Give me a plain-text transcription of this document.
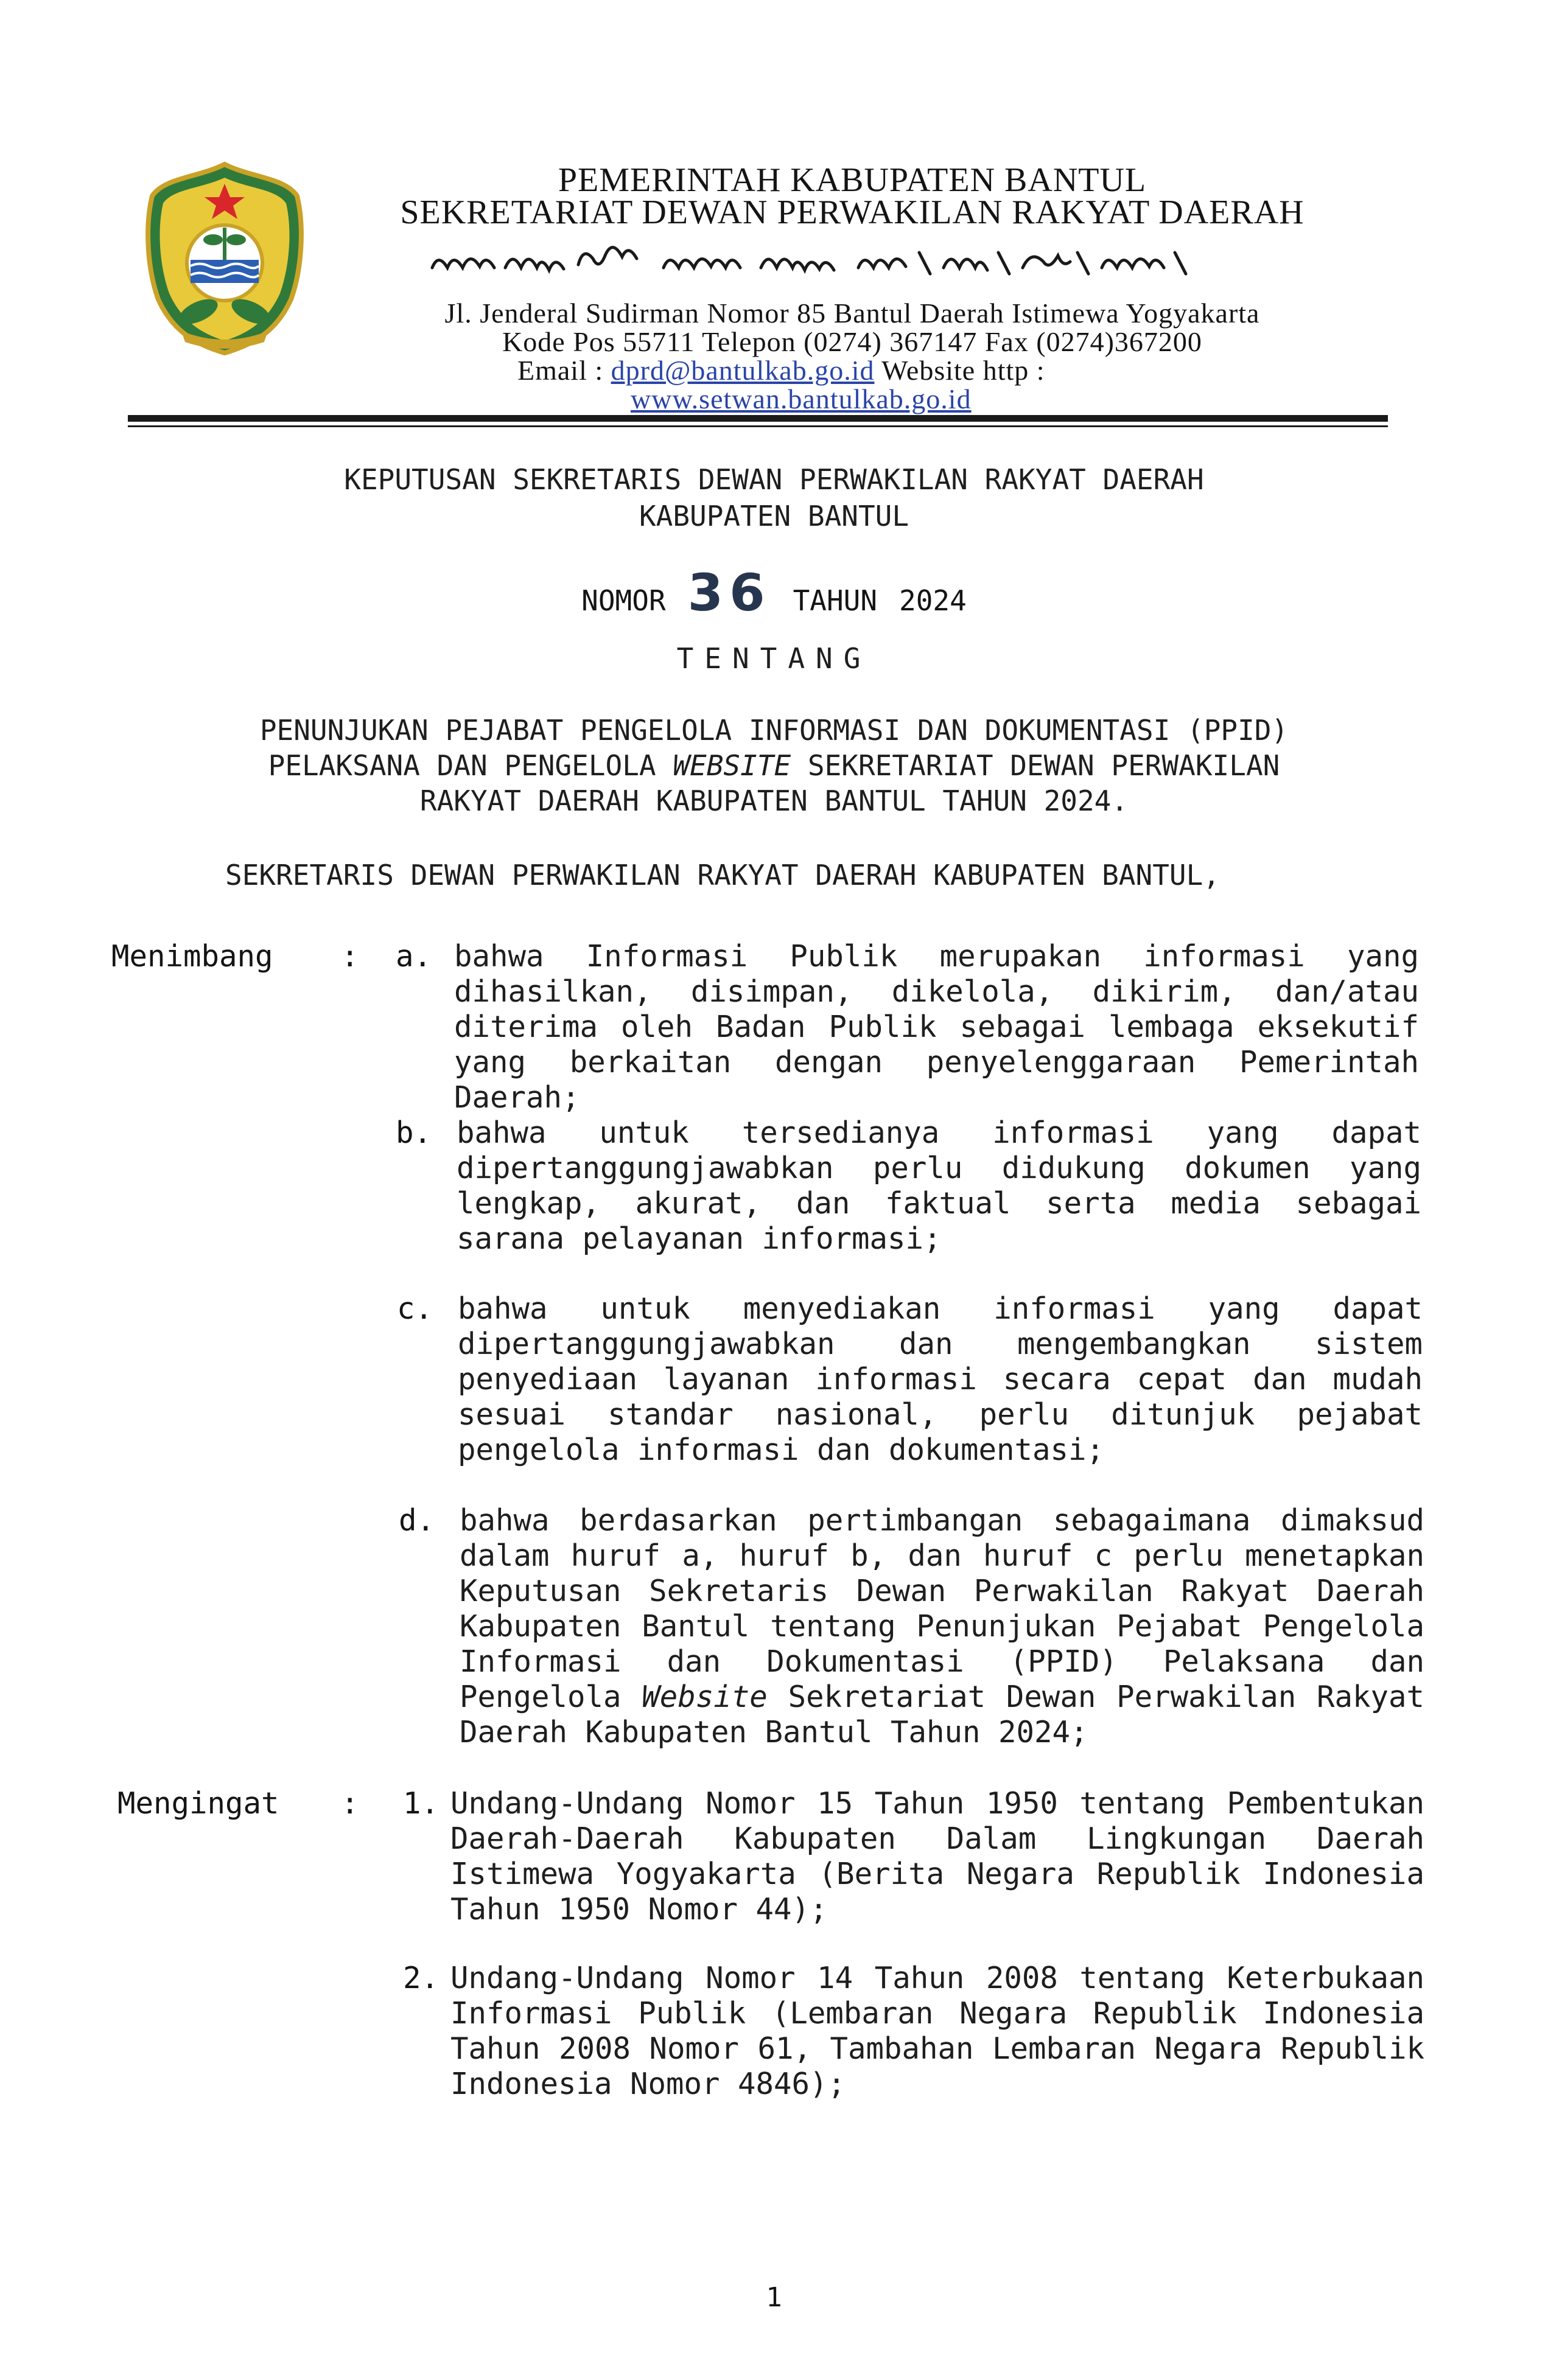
PEMERINTAH KABUPATEN BANTUL
SEKRETARIAT DEWAN PERWAKILAN RAKYAT DAERAH
Jl. Jenderal Sudirman Nomor 85 Bantul Daerah Istimewa Yogyakarta
Kode Pos 55711 Telepon (0274) 367147 Fax (0274)367200
Email : dprd@bantulkab.go.id Website http :
www.setwan.bantulkab.go.id
KEPUTUSAN SEKRETARIS DEWAN PERWAKILAN RAKYAT DAERAH
KABUPATEN BANTUL
NOMOR 36 TAHUN 2024
TENTANG
PENUNJUKAN PEJABAT PENGELOLA INFORMASI DAN DOKUMENTASI (PPID)
PELAKSANA DAN PENGELOLA WEBSITE SEKRETARIAT DEWAN PERWAKILAN
RAKYAT DAERAH KABUPATEN BANTUL TAHUN 2024.
SEKRETARIS DEWAN PERWAKILAN RAKYAT DAERAH KABUPATEN BANTUL,
Menimbang : a. bahwa Informasi Publik merupakan informasi yang dihasilkan, disimpan, dikelola, dikirim, dan/atau diterima oleh Badan Publik sebagai lembaga eksekutif yang berkaitan dengan penyelenggaraan Pemerintah Daerah;
b. bahwa untuk tersedianya informasi yang dapat dipertanggungjawabkan perlu didukung dokumen yang lengkap, akurat, dan faktual serta media sebagai sarana pelayanan informasi;
c. bahwa untuk menyediakan informasi yang dapat dipertanggungjawabkan dan mengembangkan sistem penyediaan layanan informasi secara cepat dan mudah sesuai standar nasional, perlu ditunjuk pejabat pengelola informasi dan dokumentasi;
d. bahwa berdasarkan pertimbangan sebagaimana dimaksud dalam huruf a, huruf b, dan huruf c perlu menetapkan Keputusan Sekretaris Dewan Perwakilan Rakyat Daerah Kabupaten Bantul tentang Penunjukan Pejabat Pengelola Informasi dan Dokumentasi (PPID) Pelaksana dan Pengelola Website Sekretariat Dewan Perwakilan Rakyat Daerah Kabupaten Bantul Tahun 2024;
Mengingat : 1. Undang-Undang Nomor 15 Tahun 1950 tentang Pembentukan Daerah-Daerah Kabupaten Dalam Lingkungan Daerah Istimewa Yogyakarta (Berita Negara Republik Indonesia Tahun 1950 Nomor 44);
2. Undang-Undang Nomor 14 Tahun 2008 tentang Keterbukaan Informasi Publik (Lembaran Negara Republik Indonesia Tahun 2008 Nomor 61, Tambahan Lembaran Negara Republik Indonesia Nomor 4846);
1
